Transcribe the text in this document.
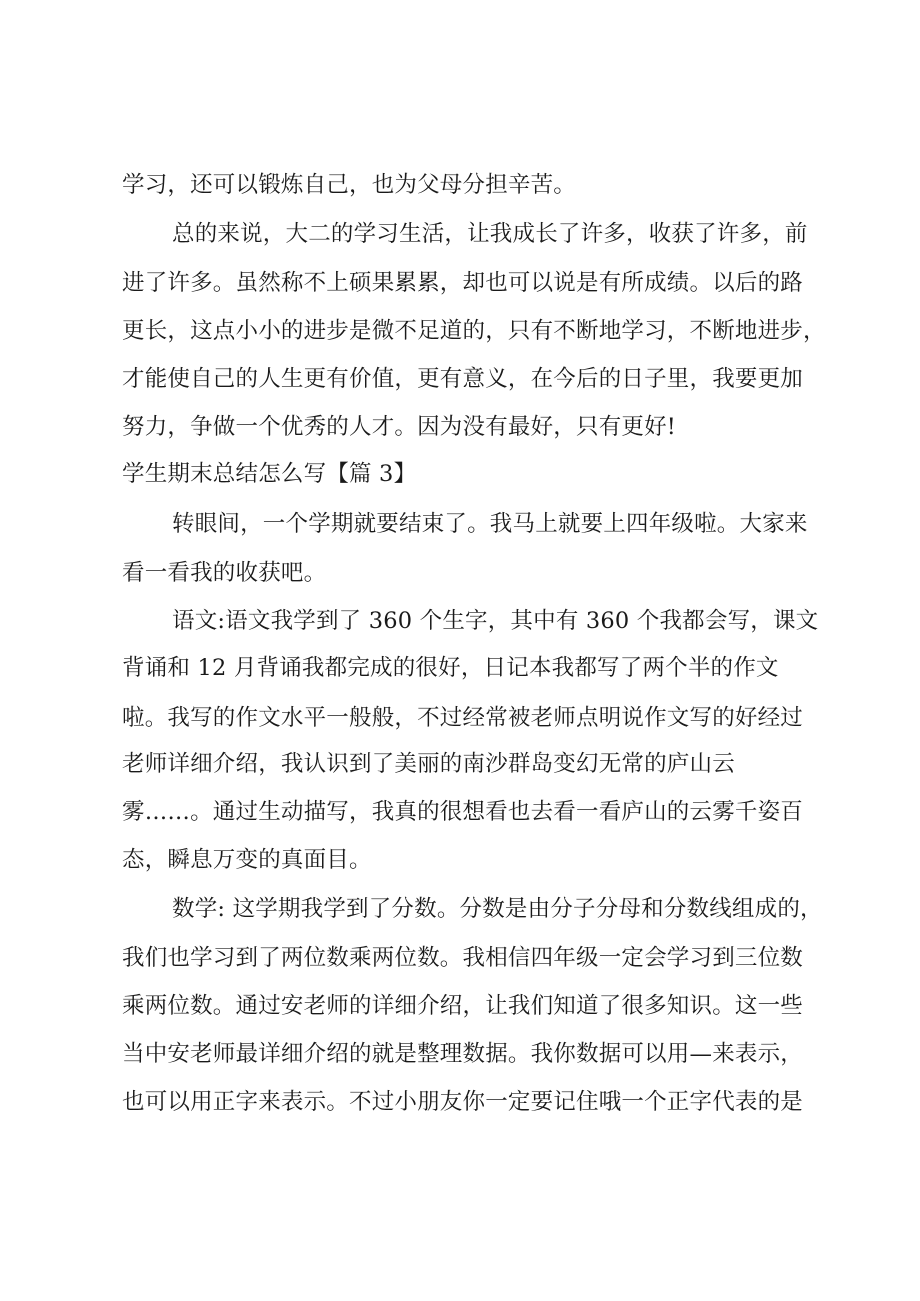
学习，还可以锻炼自己，也为父母分担辛苦。
总的来说，大二的学习生活，让我成长了许多，收获了许多，前
进了许多。虽然称不上硕果累累，却也可以说是有所成绩。以后的路
更长，这点小小的进步是微不足道的，只有不断地学习，不断地进步，
才能使自己的人生更有价值，更有意义，在今后的日子里，我要更加
努力，争做一个优秀的人才。因为没有最好，只有更好!
学生期末总结怎么写【篇 3】
转眼间，一个学期就要结束了。我马上就要上四年级啦。大家来
看一看我的收获吧。
语文:语文我学到了 360 个生字，其中有 360 个我都会写，课文
背诵和 12 月背诵我都完成的很好，日记本我都写了两个半的作文
啦。我写的作文水平一般般，不过经常被老师点明说作文写的好经过
老师详细介绍，我认识到了美丽的南沙群岛变幻无常的庐山云
雾……。通过生动描写，我真的很想看也去看一看庐山的云雾千姿百
态，瞬息万变的真面目。
数学: 这学期我学到了分数。分数是由分子分母和分数线组成的，
我们也学习到了两位数乘两位数。我相信四年级一定会学习到三位数
乘两位数。通过安老师的详细介绍，让我们知道了很多知识。这一些
当中安老师最详细介绍的就是整理数据。我你数据可以用—来表示，
也可以用正字来表示。不过小朋友你一定要记住哦一个正字代表的是
